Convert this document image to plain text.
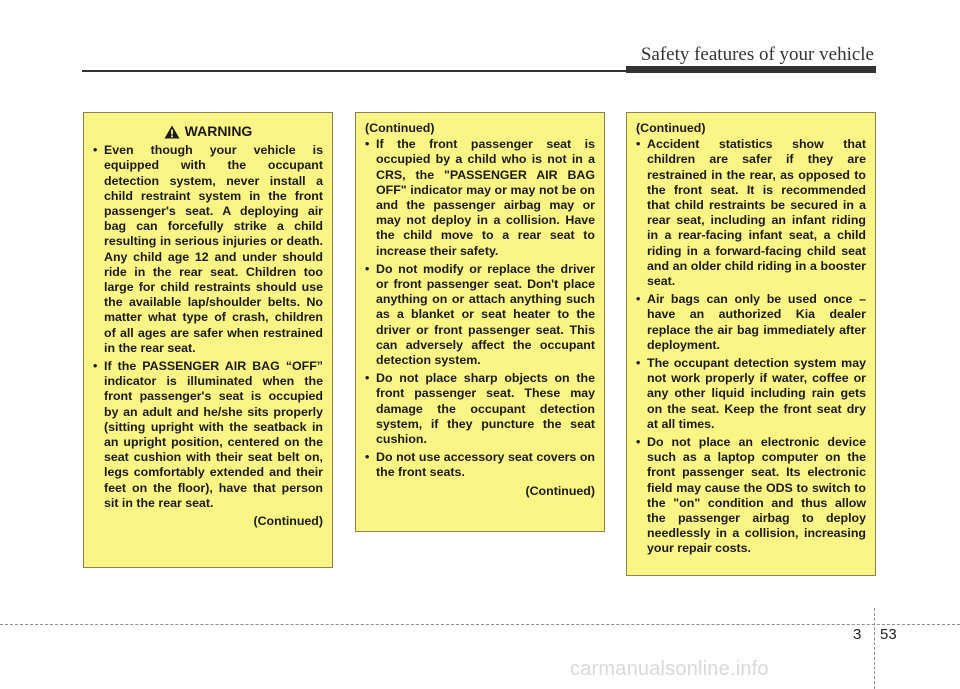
Safety features of your vehicle
WARNING
• Even though your vehicle is equipped with the occupant detection system, never install a child restraint system in the front passenger's seat. A deploying air bag can forcefully strike a child resulting in serious injuries or death. Any child age 12 and under should ride in the rear seat. Children too large for child restraints should use the available lap/shoulder belts. No matter what type of crash, children of all ages are safer when restrained in the rear seat.
• If the PASSENGER AIR BAG “OFF” indicator is illuminated when the front passenger's seat is occupied by an adult and he/she sits properly (sitting upright with the seatback in an upright position, centered on the seat cushion with their seat belt on, legs comfortably extended and their feet on the floor), have that person sit in the rear seat.
(Continued)
(Continued)
• If the front passenger seat is occupied by a child who is not in a CRS, the "PASSENGER AIR BAG OFF" indicator may or may not be on and the passenger airbag may or may not deploy in a collision. Have the child move to a rear seat to increase their safety.
• Do not modify or replace the driver or front passenger seat. Don't place anything on or attach anything such as a blanket or seat heater to the driver or front passenger seat. This can adversely affect the occupant detection system.
• Do not place sharp objects on the front passenger seat. These may damage the occupant detection system, if they puncture the seat cushion.
• Do not use accessory seat covers on the front seats.
(Continued)
(Continued)
• Accident statistics show that children are safer if they are restrained in the rear, as opposed to the front seat. It is recommended that child restraints be secured in a rear seat, including an infant riding in a rear-facing infant seat, a child riding in a forward-facing child seat and an older child riding in a booster seat.
• Air bags can only be used once – have an authorized Kia dealer replace the air bag immediately after deployment.
• The occupant detection system may not work properly if water, coffee or any other liquid including rain gets on the seat. Keep the front seat dry at all times.
• Do not place an electronic device such as a laptop computer on the front passenger seat. Its electronic field may cause the ODS to switch to the "on" condition and thus allow the passenger airbag to deploy needlessly in a collision, increasing your repair costs.
3 53
carmanualsonline.info
